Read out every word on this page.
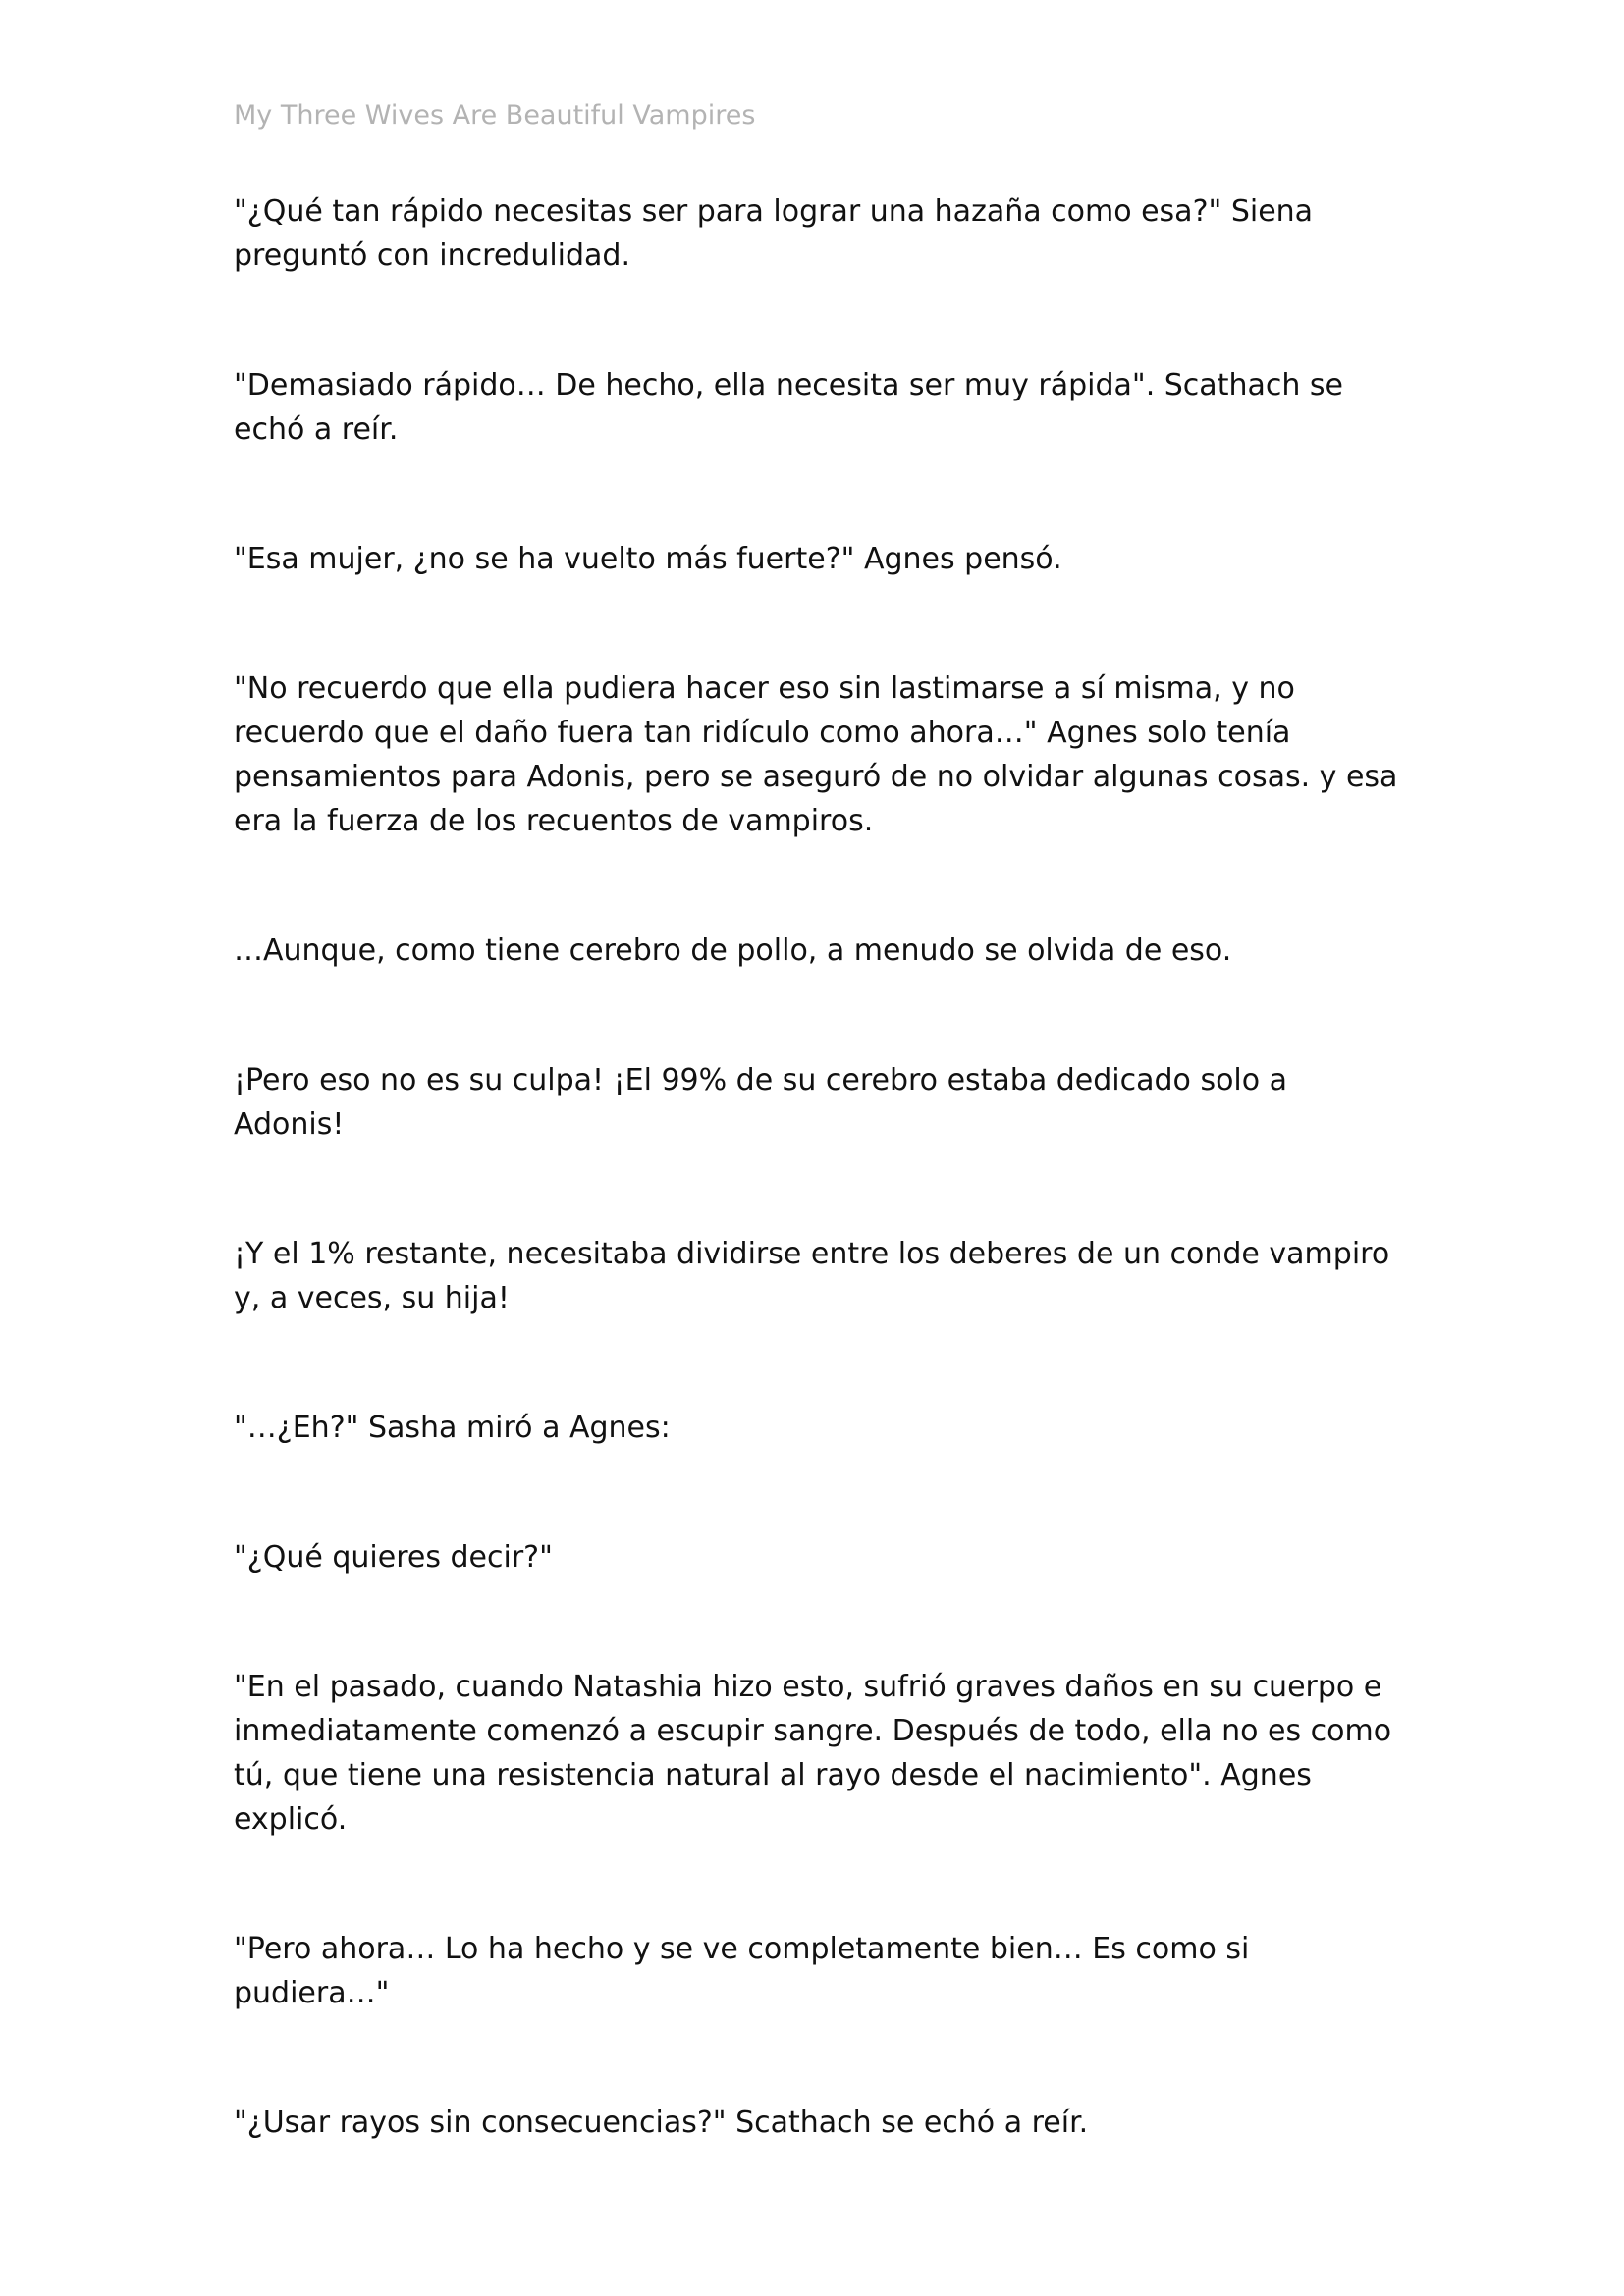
My Three Wives Are Beautiful Vampires

"¿Qué tan rápido necesitas ser para lograr una hazaña como esa?" Siena preguntó con incredulidad.

"Demasiado rápido… De hecho, ella necesita ser muy rápida". Scathach se echó a reír.

"Esa mujer, ¿no se ha vuelto más fuerte?" Agnes pensó.

"No recuerdo que ella pudiera hacer eso sin lastimarse a sí misma, y no recuerdo que el daño fuera tan ridículo como ahora…" Agnes solo tenía pensamientos para Adonis, pero se aseguró de no olvidar algunas cosas. y esa era la fuerza de los recuentos de vampiros.

…Aunque, como tiene cerebro de pollo, a menudo se olvida de eso.

¡Pero eso no es su culpa! ¡El 99% de su cerebro estaba dedicado solo a Adonis!

¡Y el 1% restante, necesitaba dividirse entre los deberes de un conde vampiro y, a veces, su hija!

"…¿Eh?" Sasha miró a Agnes:

"¿Qué quieres decir?"

"En el pasado, cuando Natashia hizo esto, sufrió graves daños en su cuerpo e inmediatamente comenzó a escupir sangre. Después de todo, ella no es como tú, que tiene una resistencia natural al rayo desde el nacimiento". Agnes explicó.

"Pero ahora… Lo ha hecho y se ve completamente bien… Es como si pudiera…"

"¿Usar rayos sin consecuencias?" Scathach se echó a reír.
